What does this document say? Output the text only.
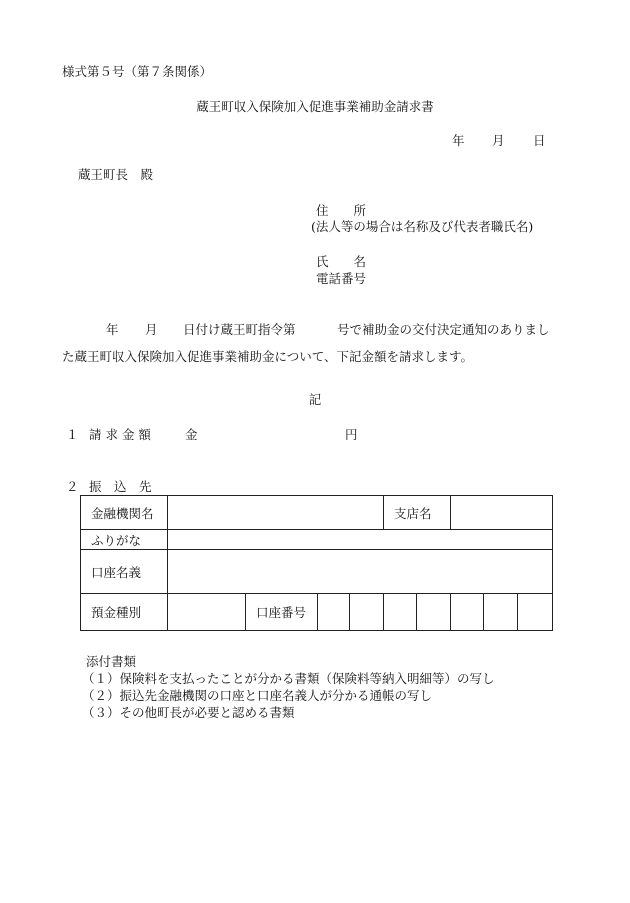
様式第５号（第７条関係）
蔵王町収入保険加入促進事業補助金請求書
年 月 日
蔵王町長　殿
住　　所
(法人等の場合は名称及び代表者職氏名)
氏　　名
電話番号
年 月 日付け蔵王町指令第	号で補助金の交付決定通知のありまし
た蔵王町収入保険加入促進事業補助金について、下記金額を請求します。
記
１ 請 求 金 額	金	円
２ 振　込　先
金融機関名					支店名				
ふりがな									
口座名義									
預金種別		口座番号							
添付書類
（１）保険料を支払ったことが分かる書類（保険料等納入明細等）の写し
（２）振込先金融機関の口座と口座名義人が分かる通帳の写し
（３）その他町長が必要と認める書類
